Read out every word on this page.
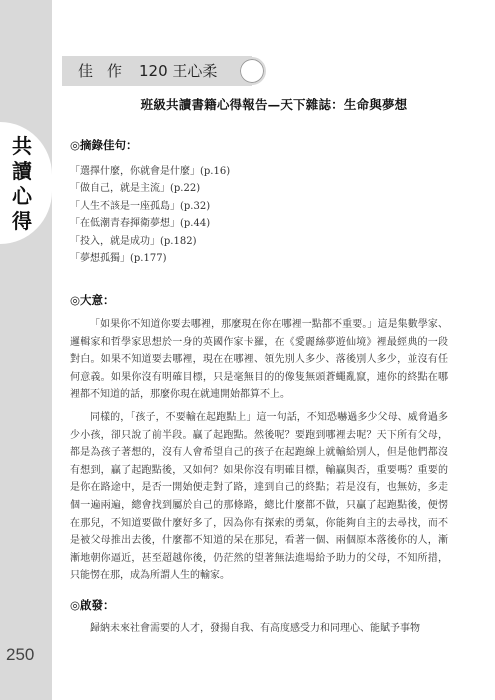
共
讀
心
得
250
佳作 120 王心柔
班級共讀書籍心得報告—天下雜誌：生命與夢想
◎摘錄佳句：
「選擇什麼，你就會是什麼」(p.16)
「做自己，就是主流」(p.22)
「人生不該是一座孤島」(p.32)
「在低潮青春揮衛夢想」(p.44)
「投入，就是成功」(p.182)
「夢想孤獨」(p.177)
◎大意：

「如果你不知道你要去哪裡，那麼現在你在哪裡一點都不重要。」這是集數學家、邏輯家和哲學家思想於一身的英國作家卡羅，在《愛麗絲夢遊仙境》裡最經典的一段對白。如果不知道要去哪裡，現在在哪裡、領先別人多少、落後別人多少，並沒有任何意義。如果你沒有明確目標，只是毫無目的的像隻無頭蒼蠅亂竄，連你的終點在哪裡都不知道的話，那麼你現在就連開始都算不上。

同樣的，「孩子，不要輸在起跑點上」這一句話，不知恐嚇過多少父母、威脅過多少小孩，卻只說了前半段。贏了起跑點。然後呢？要跑到哪裡去呢？天下所有父母，都是為孩子著想的，沒有人會希望自己的孩子在起跑線上就輸給別人，但是他們都沒有想到，贏了起跑點後，又如何？如果你沒有明確目標，輸贏與否，重要嗎？重要的是你在路途中，是否一開始便走對了路，達到自己的終點；若是沒有，也無妨，多走個一遍兩遍，總會找到屬於自己的那條路，總比什麼都不做，只贏了起跑點後，便愣在那兒，不知道要做什麼好多了，因為你有探索的勇氣，你能夠自主的去尋找，而不是被父母推出去後，什麼都不知道的呆在那兒，看著一個、兩個原本落後你的人，漸漸地朝你逼近，甚至超越你後，仍茫然的望著無法進場給予助力的父母，不知所措，只能愣在那，成為所謂人生的輸家。

◎啟發：

歸納未來社會需要的人才，發揚自我、有高度感受力和同理心、能賦予事物
